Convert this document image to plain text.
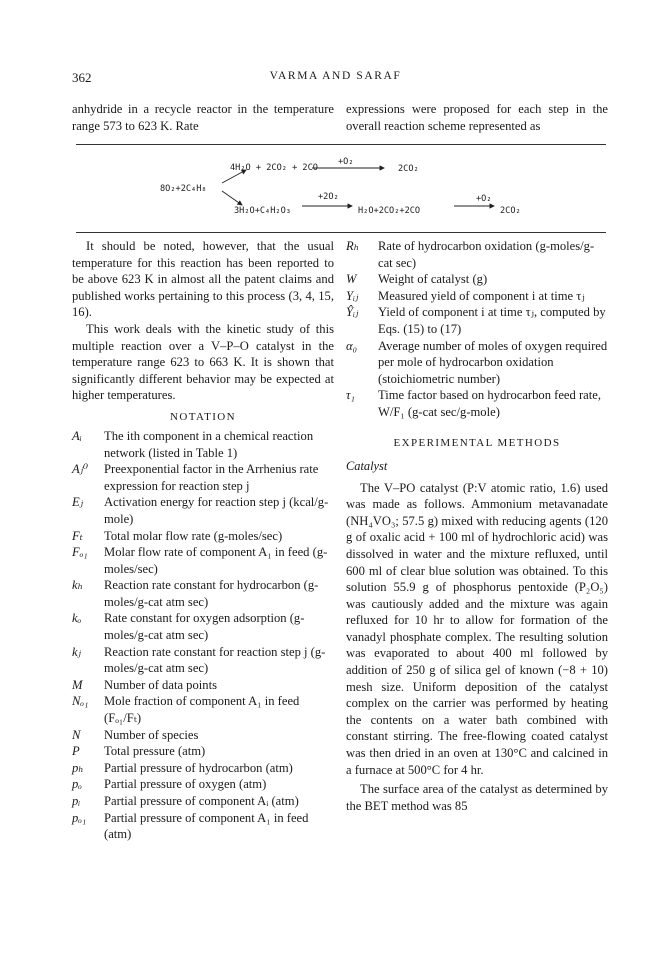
362	VARMA AND SARAF
anhydride in a recycle reactor in the temperature range 573 to 623 K. Rate
expressions were proposed for each step in the overall reaction scheme represented as
8O₂+2C₄H₈
4H₂O + 2CO₂ + 2CO
+O₂
2CO₂
3H₂O+C₄H₂O₃
+2O₂
H₂O+2CO₂+2CO
+O₂
2CO₂

It should be noted, however, that the usual temperature for this reaction has been reported to be above 623 K in almost all the patent claims and published works pertaining to this process (3, 4, 15, 16).

This work deals with the kinetic study of this multiple reaction over a V–P–O catalyst in the temperature range 623 to 663 K. It is shown that significantly different behavior may be expected at higher temperatures.

NOTATION
Aᵢ	The ith component in a chemical reaction network (listed in Table 1)
Aⱼ⁰	Preexponential factor in the Arrhenius rate expression for reaction step j
Eⱼ	Activation energy for reaction step j (kcal/g-mole)
Fₜ	Total molar flow rate (g-moles/sec)
Fₒ₁	Molar flow rate of component A₁ in feed (g-moles/sec)
kₕ	Reaction rate constant for hydrocarbon (g-moles/g-cat atm sec)
kₒ	Rate constant for oxygen adsorption (g-moles/g-cat atm sec)
kⱼ	Reaction rate constant for reaction step j (g-moles/g-cat atm sec)
M	Number of data points
Nₒ₁	Mole fraction of component A₁ in feed (Fₒ₁/Fₜ)
N	Number of species
P	Total pressure (atm)
pₕ	Partial pressure of hydrocarbon (atm)
pₒ	Partial pressure of oxygen (atm)
pᵢ	Partial pressure of component Aᵢ (atm)
pₒ₁	Partial pressure of component A₁ in feed (atm)
Rₕ	Rate of hydrocarbon oxidation (g-moles/g-cat sec)
W	Weight of catalyst (g)
Yᵢⱼ	Measured yield of component i at time τⱼ
Ŷᵢⱼ	Yield of component i at time τⱼ, computed by Eqs. (15) to (17)
α₀	Average number of moles of oxygen required per mole of hydrocarbon oxidation (stoichiometric number)
τ₁	Time factor based on hydrocarbon feed rate, W/F₁ (g-cat sec/g-mole)
EXPERIMENTAL METHODS
Catalyst

The V–PO catalyst (P:V atomic ratio, 1.6) used was made as follows. Ammonium metavanadate (NH₄VO₃; 57.5 g) mixed with reducing agents (120 g of oxalic acid + 100 ml of hydrochloric acid) was dissolved in water and the mixture refluxed, until 600 ml of clear blue solution was obtained. To this solution 55.9 g of phosphorus pentoxide (P₂O₅) was cautiously added and the mixture was again refluxed for 10 hr to allow for formation of the vanadyl phosphate complex. The resulting solution was evaporated to about 400 ml followed by addition of 250 g of silica gel of known (−8 + 10) mesh size. Uniform deposition of the catalyst complex on the carrier was performed by heating the contents on a water bath combined with constant stirring. The free-flowing coated catalyst was then dried in an oven at 130°C and calcined in a furnace at 500°C for 4 hr.

The surface area of the catalyst as determined by the BET method was 85
